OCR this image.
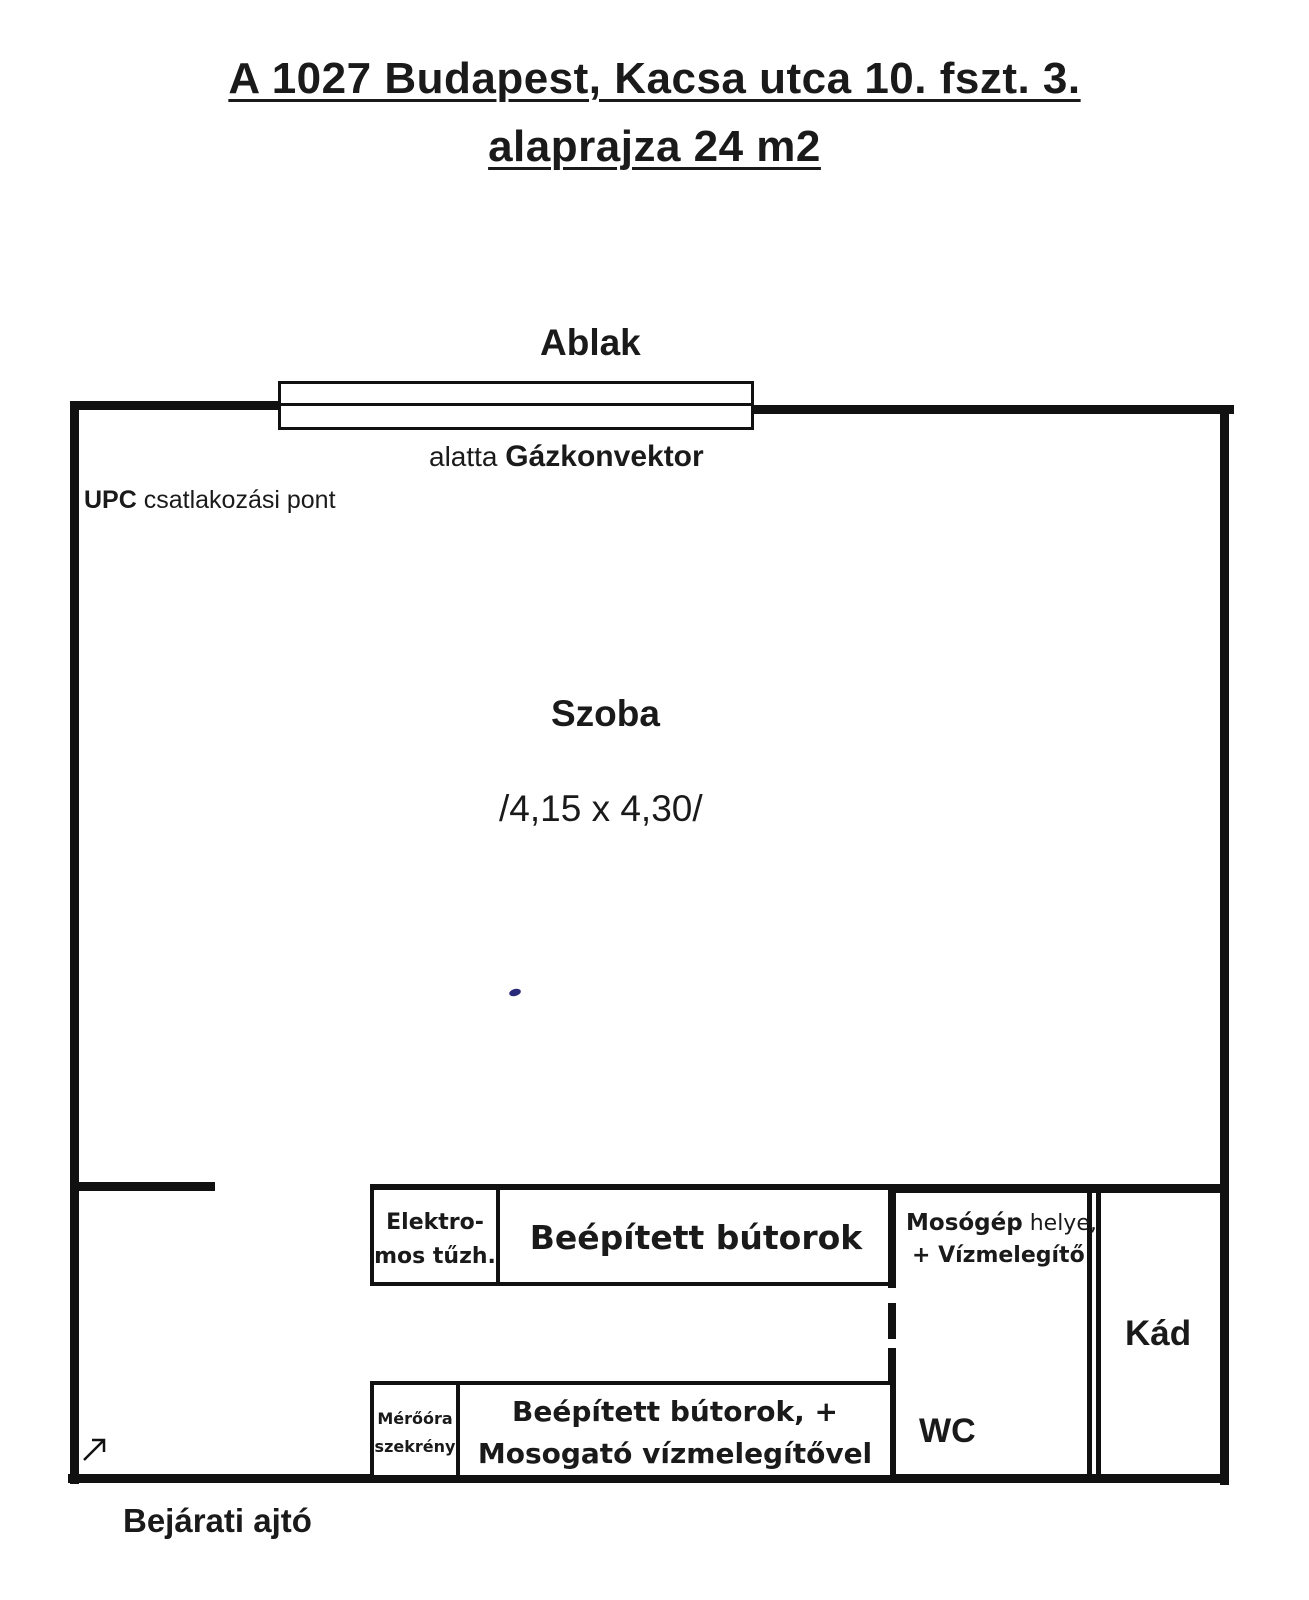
A 1027 Budapest, Kacsa utca 10. fszt. 3.
alaprajza 24 m2
Ablak
alatta Gázkonvektor
UPC csatlakozási pont
Szoba
/4,15 x 4,30/
Elektro-
mos tűzh.	Beépített bútorok	Mosógép helye,
+ Vízmelegítő
Kád
WC
Mérőóra
szekrény
Beépített bútorok, +
Mosogató vízmelegítővel
Bejárati ajtó
